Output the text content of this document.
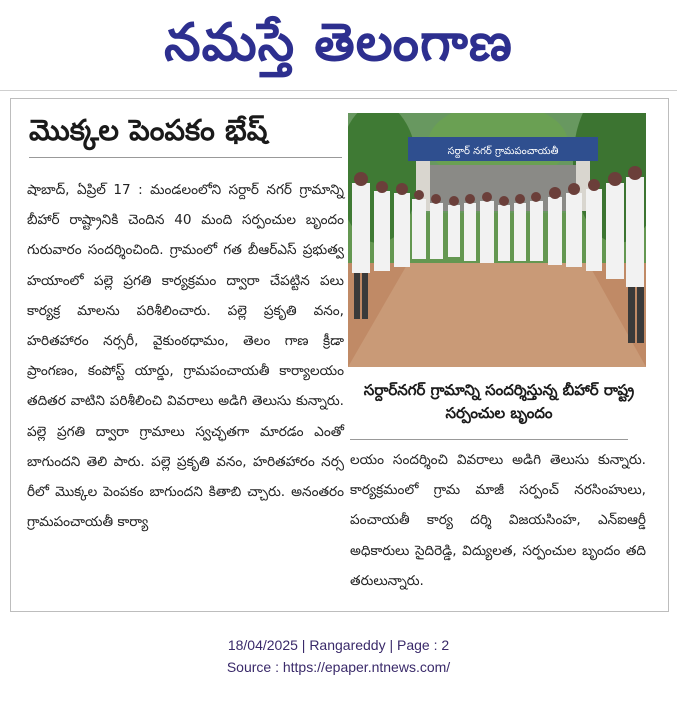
నమస్తే తెలంగాణ
మొక్కల పెంపకం భేష్

షాబాద్, ఏప్రిల్ 17 : మండలంలోని సర్దార్ నగర్ గ్రామాన్ని బీహార్ రాష్ట్రానికి చెందిన 40 మంది సర్పంచుల బృందం గురువారం సందర్శించింది. గ్రామంలో గత బీఆర్ఎస్ ప్రభుత్వ హయాంలో పల్లె ప్రగతి కార్యక్రమం ద్వారా చేపట్టిన పలు కార్యక్ర మాలను పరిశీలించారు. పల్లె ప్రకృతి వనం, హరితహారం నర్సరీ, వైకుంఠధామం, తెలం గాణ క్రీడా ప్రాంగణం, కంపోస్ట్ యార్డు, గ్రామపంచాయతీ కార్యాలయం తదితర వాటిని పరిశీలించి వివరాలు అడిగి తెలుసు కున్నారు. పల్లె ప్రగతి ద్వారా గ్రామాలు స్వచ్ఛతగా మారడం ఎంతో బాగుందని తెలి పారు. పల్లె ప్రకృతి వనం, హరితహారం నర్స రీలో మొక్కల పెంపకం బాగుందని కితాబి చ్చారు. అనంతరం గ్రామపంచాయతీ కార్యా

సర్దార్ నగర్ గ్రామపంచాయతీ
సర్దార్‌నగర్ గ్రామాన్ని సందర్శిస్తున్న బీహార్ రాష్ట్ర సర్పంచుల బృందం

లయం సందర్శించి వివరాలు అడిగి తెలుసు కున్నారు. కార్యక్రమంలో గ్రామ మాజీ సర్పంచ్ నరసింహులు, పంచాయతీ కార్య దర్శి విజయసింహ, ఎన్ఐఆర్డీ అధికారులు సైదిరెడ్డి, విద్యులత, సర్పంచుల బృందం తది తరులున్నారు.

18/04/2025 | Rangareddy | Page : 2
Source : https://epaper.ntnews.com/
